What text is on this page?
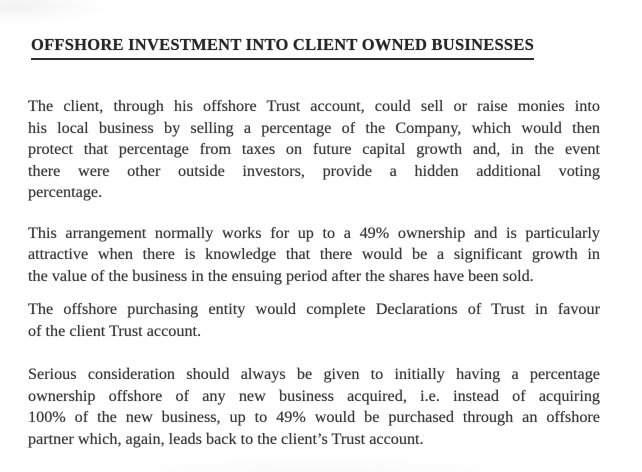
OFFSHORE INVESTMENT INTO CLIENT OWNED BUSINESSES
The client, through his offshore Trust account, could sell or raise monies into
his local business by selling a percentage of the Company, which would then
protect that percentage from taxes on future capital growth and, in the event
there were other outside investors, provide a hidden additional voting
percentage.
This arrangement normally works for up to a 49% ownership and is particularly
attractive when there is knowledge that there would be a significant growth in
the value of the business in the ensuing period after the shares have been sold.
The offshore purchasing entity would complete Declarations of Trust in favour
of the client Trust account.
Serious consideration should always be given to initially having a percentage
ownership offshore of any new business acquired, i.e. instead of acquiring
100% of the new business, up to 49% would be purchased through an offshore
partner which, again, leads back to the client’s Trust account.
